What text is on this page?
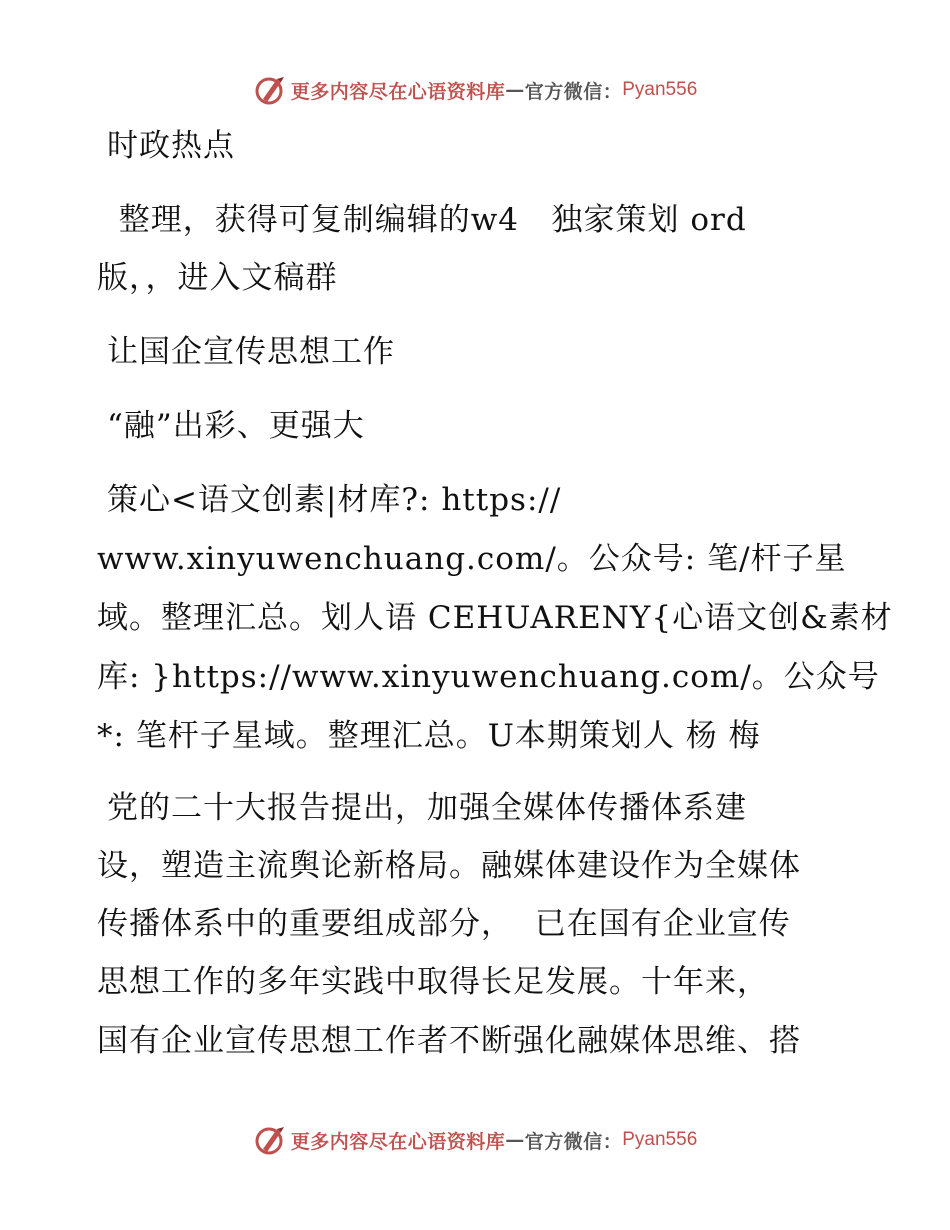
更多内容尽在心语资料库 — 官方微信： Pyan556

时政热点

整理，获得可复制编辑的w4   独家策划 ord

版，，进入文稿群

让国企宣传思想工作

“融”出彩、更强大

策心<语文创素|材库?: https://

www.xinyuwenchuang.com/。公众号: 笔/杆子星

域。整理汇总。划人语 CEHUARENY{心语文创&素材

库: }https://www.xinyuwenchuang.com/。公众号

*: 笔杆子星域。整理汇总。U本期策划人 杨 梅

党的二十大报告提出，加强全媒体传播体系建

设，塑造主流舆论新格局。融媒体建设作为全媒体

传播体系中的重要组成部分，  已在国有企业宣传

思想工作的多年实践中取得长足发展。十年来，

国有企业宣传思想工作者不断强化融媒体思维、搭

更多内容尽在心语资料库 — 官方微信： Pyan556
